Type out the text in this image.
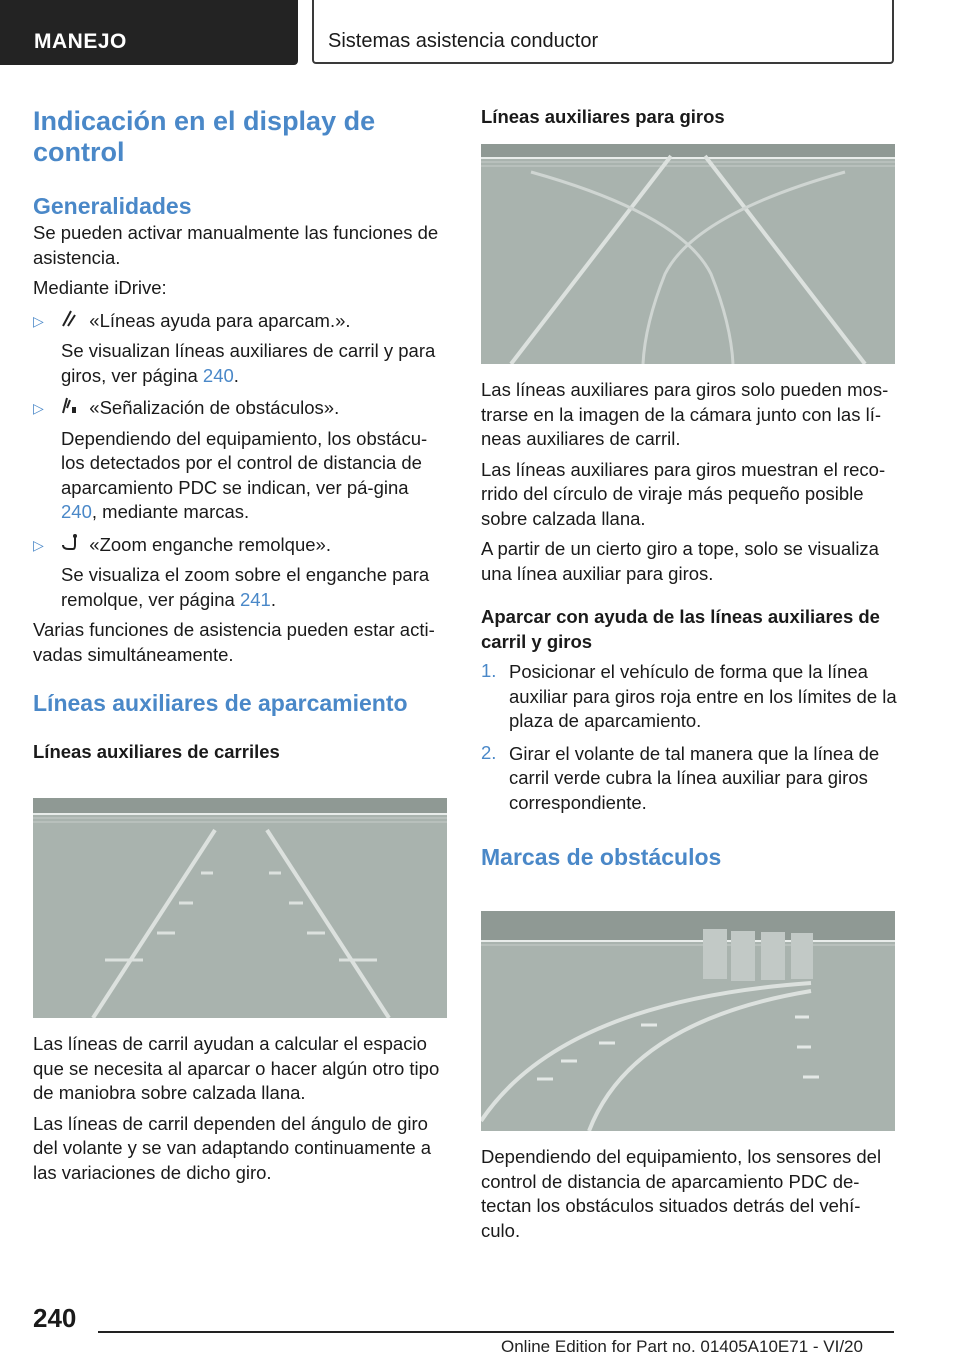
MANEJO	Sistemas asistencia conductor
Indicación en el display de control
Generalidades

Se pueden activar manualmente las funciones de asistencia.

Mediante iDrive:

▷	«Líneas ayuda para aparcam.».

Se visualizan líneas auxiliares de carril y para giros, ver página 240.

▷	«Señalización de obstáculos».

Dependiendo del equipamiento, los obstácu-los detectados por el control de distancia de aparcamiento PDC se indican, ver pá-gina 240, mediante marcas.

▷	«Zoom enganche remolque».

Se visualiza el zoom sobre el enganche para remolque, ver página 241.

Varias funciones de asistencia pueden estar acti-vadas simultáneamente.

Líneas auxiliares de aparcamiento
Líneas auxiliares de carriles

Las líneas de carril ayudan a calcular el espacio que se necesita al aparcar o hacer algún otro tipo de maniobra sobre calzada llana.

Las líneas de carril dependen del ángulo de giro del volante y se van adaptando continuamente a las variaciones de dicho giro.

Líneas auxiliares para giros

Las líneas auxiliares para giros solo pueden mos-trarse en la imagen de la cámara junto con las lí-neas auxiliares de carril.

Las líneas auxiliares para giros muestran el reco-rrido del círculo de viraje más pequeño posible sobre calzada llana.

A partir de un cierto giro a tope, solo se visualiza una línea auxiliar para giros.

Aparcar con ayuda de las líneas auxiliares de carril y giros
1. Posicionar el vehículo de forma que la línea auxiliar para giros roja entre en los límites de la plaza de aparcamiento.

2. Girar el volante de tal manera que la línea de carril verde cubra la línea auxiliar para giros correspondiente.

Marcas de obstáculos

Dependiendo del equipamiento, los sensores del control de distancia de aparcamiento PDC de-tectan los obstáculos situados detrás del vehí-culo.

240
Online Edition for Part no. 01405A10E71 - VI/20
